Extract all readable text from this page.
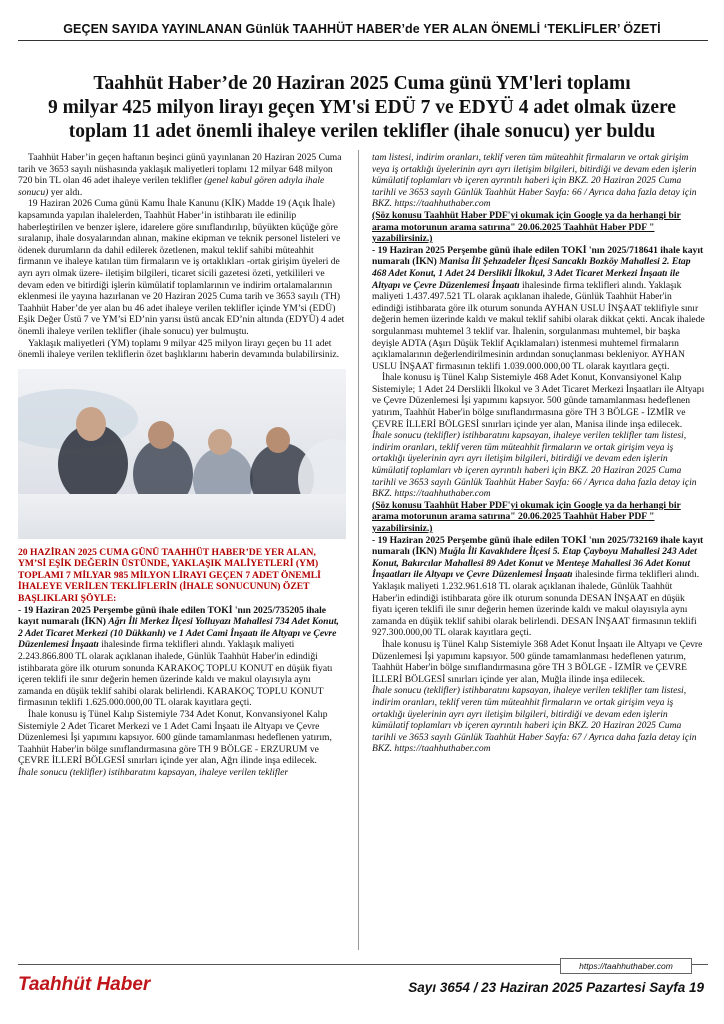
GEÇEN SAYIDA YAYINLANAN Günlük TAAHHÜT HABER’de YER ALAN ÖNEMLİ ‘TEKLİFLER’ ÖZETİ
Taahhüt Haber’de 20 Haziran 2025 Cuma günü YM'leri toplamı
9 milyar 425 milyon lirayı geçen YM'si EDÜ 7 ve EDYÜ 4 adet olmak üzere
toplam 11 adet önemli ihaleye verilen teklifler (ihale sonucu) yer buldu

Taahhüt Haber’in geçen haftanın beşinci günü yayınlanan 20 Haziran 2025 Cuma tarih ve 3653 sayılı nüshasında yaklaşık maliyetleri toplamı 12 milyar 648 milyon 720 bin TL olan 46 adet ihaleye verilen teklifler (genel kabul gören adıyla ihale sonucu) yer aldı.

19 Haziran 2026 Cuma günü Kamu İhale Kanunu (KİK) Madde 19 (Açık İhale) kapsamında yapılan ihalelerden, Taahhüt Haber’in istihbaratı ile edinilip haberleştirilen ve benzer işlere, idarelere göre sınıflandırılıp, büyükten küçüğe göre sıralanıp, ihale dosyalarından alınan, makine ekipman ve teknik personel listeleri ve ödenek durumların da dahil edilerek özetlenen, makul teklif sahibi müteahhit firmanın ve ihaleye katılan tüm firmaların ve iş ortaklıkları -ortak girişim üyeleri de ayrı ayrı olmak üzere- iletişim bilgileri, ticaret sicili gazetesi özeti, yetkilileri ve devam eden ve bitirdiği işlerin kümülatif toplamlarının ve indirim ortalamalarının eklenmesi ile yayına hazırlanan ve 20 Haziran 2025 Cuma tarih ve 3653 sayılı (TH) Taahhüt Haber’de yer alan bu 46 adet ihaleye verilen teklifler içinde YM’si (EDÜ) Eşik Değer Üstü 7 ve YM’si ED’nin yarısı üstü ancak ED’nin altında (EDYÜ) 4 adet önemli ihaleye verilen teklifler (ihale sonucu) yer bulmuştu.

Yaklaşık maliyetleri (YM) toplamı 9 milyar 425 milyon lirayı geçen bu 11 adet önemli ihaleye verilen tekliflerin özet başlıklarını haberin devamında bulabilirsiniz.

20 HAZİRAN 2025 CUMA GÜNÜ TAAHHÜT HABER’DE YER ALAN, YM’Sİ EŞİK DEĞERİN ÜSTÜNDE, YAKLAŞIK MALİYETLERİ (YM) TOPLAMI 7 MİLYAR 985 MİLYON LİRAYI GEÇEN 7 ADET ÖNEMLİ İHALEYE VERİLEN TEKLİFLERİN (İHALE SONUCUNUN) ÖZET BAŞLIKLARI ŞÖYLE:

- 19 Haziran 2025 Perşembe günü ihale edilen TOKİ 'nın 2025/735205 ihale kayıt numaralı (İKN) Ağrı İli Merkez İlçesi Yolluyazı Mahallesi 734 Adet Konut, 2 Adet Ticaret Merkezi (10 Dükkanlı) ve 1 Adet Cami İnşaatı ile Altyapı ve Çevre Düzenlemesi İnşaatı ihalesinde firma teklifleri alındı. Yaklaşık maliyeti 2.243.866.800 TL olarak açıklanan ihalede, Günlük Taahhüt Haber'in edindiği istihbarata göre ilk oturum sonunda KARAKOÇ TOPLU KONUT en düşük fiyatı içeren teklifi ile sınır değerin hemen üzerinde kaldı ve makul olayısıyla aynı zamanda en düşük teklif sahibi olarak belirlendi. KARAKOÇ TOPLU KONUT firmasının teklifi 1.625.000.000,00 TL olarak kayıtlara geçti.

İhale konusu iş Tünel Kalıp Sistemiyle 734 Adet Konut, Konvansiyonel Kalıp Sistemiyle 2 Adet Ticaret Merkezi ve 1 Adet Cami İnşaatı ile Altyapı ve Çevre Düzenlemesi İşi yapımını kapsıyor. 600 günde tamamlanması hedeflenen yatırım, Taahhüt Haber'in bölge sınıflandırmasına göre TH 9 BÖLGE - ERZURUM ve ÇEVRE İLLERİ BÖLGESİ sınırları içinde yer alan, Ağrı ilinde inşa edilecek.

İhale sonucu (teklifler) istihbaratını kapsayan, ihaleye verilen teklifler

tam listesi, indirim oranları, teklif veren tüm müteahhit firmaların ve ortak girişim veya iş ortaklığı üyelerinin ayrı ayrı iletişim bilgileri, bitirdiği ve devam eden işlerin kümülatif toplamları vb içeren ayrıntılı haberi için BKZ. 20 Haziran 2025 Cuma tarihli ve 3653 sayılı Günlük Taahhüt Haber Sayfa: 66 / Ayrıca daha fazla detay için BKZ. https://taahhuthaber.com

(Söz konusu Taahhüt Haber PDF'yi okumak için Google ya da herhangi bir arama motorunun arama satırına" 20.06.2025 Taahhüt Haber PDF " yazabilirsiniz.)

- 19 Haziran 2025 Perşembe günü ihale edilen TOKİ 'nın 2025/718641 ihale kayıt numaralı (İKN) Manisa İli Şehzadeler İlçesi Sancaklı Bozköy Mahallesi 2. Etap 468 Adet Konut, 1 Adet 24 Derslikli İlkokul, 3 Adet Ticaret Merkezi İnşaatı ile Altyapı ve Çevre Düzenlemesi İnşaatı ihalesinde firma teklifleri alındı. Yaklaşık maliyeti 1.437.497.521 TL olarak açıklanan ihalede, Günlük Taahhüt Haber'in edindiği istihbarata göre ilk oturum sonunda AYHAN USLU İNŞAAT teklifiyle sınır değerin hemen üzerinde kaldı ve makul teklif sahibi olarak dikkat çekti. Ancak ihalede sorgulanması muhtemel 3 teklif var. İhalenin, sorgulanması muhtemel, bir başka deyişle ADTA (Aşırı Düşük Teklif Açıklamaları) istenmesi muhtemel firmaların açıklamalarının değerlendirilmesinin ardından sonuçlanması bekleniyor. AYHAN USLU İNŞAAT firmasının teklifi 1.039.000.000,00 TL olarak kayıtlara geçti.

İhale konusu iş Tünel Kalıp Sistemiyle 468 Adet Konut, Konvansiyonel Kalıp Sistemiyle; 1 Adet 24 Derslikli İlkokul ve 3 Adet Ticaret Merkezi İnşaatları ile Altyapı ve Çevre Düzenlemesi İşi yapımını kapsıyor. 500 günde tamamlanması hedeflenen yatırım, Taahhüt Haber'in bölge sınıflandırmasına göre TH 3 BÖLGE - İZMİR ve ÇEVRE İLLERİ BÖLGESİ sınırları içinde yer alan, Manisa ilinde inşa edilecek.

İhale sonucu (teklifler) istihbaratını kapsayan, ihaleye verilen teklifler tam listesi, indirim oranları, teklif veren tüm müteahhit firmaların ve ortak girişim veya iş ortaklığı üyelerinin ayrı ayrı iletişim bilgileri, bitirdiği ve devam eden işlerin kümülatif toplamları vb içeren ayrıntılı haberi için BKZ. 20 Haziran 2025 Cuma tarihli ve 3653 sayılı Günlük Taahhüt Haber Sayfa: 66 / Ayrıca daha fazla detay için BKZ. https://taahhuthaber.com

(Söz konusu Taahhüt Haber PDF'yi okumak için Google ya da herhangi bir arama motorunun arama satırına" 20.06.2025 Taahhüt Haber PDF " yazabilirsiniz.)

- 19 Haziran 2025 Perşembe günü ihale edilen TOKİ 'nın 2025/732169 ihale kayıt numaralı (İKN) Muğla İli Kavaklıdere İlçesi 5. Etap Çayboyu Mahallesi 243 Adet Konut, Bakırcılar Mahallesi 89 Adet Konut ve Menteşe Mahallesi 36 Adet Konut İnşaatları ile Altyapı ve Çevre Düzenlemesi İnşaatı ihalesinde firma teklifleri alındı. Yaklaşık maliyeti 1.232.961.618 TL olarak açıklanan ihalede, Günlük Taahhüt Haber'in edindiği istihbarata göre ilk oturum sonunda DESAN İNŞAAT en düşük fiyatı içeren teklifi ile sınır değerin hemen üzerinde kaldı ve makul olayısıyla aynı zamanda en düşük teklif sahibi olarak belirlendi. DESAN İNŞAAT firmasının teklifi 927.300.000,00 TL olarak kayıtlara geçti.

İhale konusu iş Tünel Kalıp Sistemiyle 368 Adet Konut İnşaatı ile Altyapı ve Çevre Düzenlemesi İşi yapımını kapsıyor. 500 günde tamamlanması hedeflenen yatırım, Taahhüt Haber'in bölge sınıflandırmasına göre TH 3 BÖLGE - İZMİR ve ÇEVRE İLLERİ BÖLGESİ sınırları içinde yer alan, Muğla ilinde inşa edilecek.

İhale sonucu (teklifler) istihbaratını kapsayan, ihaleye verilen teklifler tam listesi, indirim oranları, teklif veren tüm müteahhit firmaların ve ortak girişim veya iş ortaklığı üyelerinin ayrı ayrı iletişim bilgileri, bitirdiği ve devam eden işlerin kümülatif toplamları vb içeren ayrıntılı haberi için BKZ. 20 Haziran 2025 Cuma tarihli ve 3653 sayılı Günlük Taahhüt Haber Sayfa: 67 / Ayrıca daha fazla detay için BKZ. https://taahhuthaber.com

https://taahhuthaber.com
Taahhüt Haber	Sayı 3654 / 23 Haziran 2025 Pazartesi Sayfa 19
